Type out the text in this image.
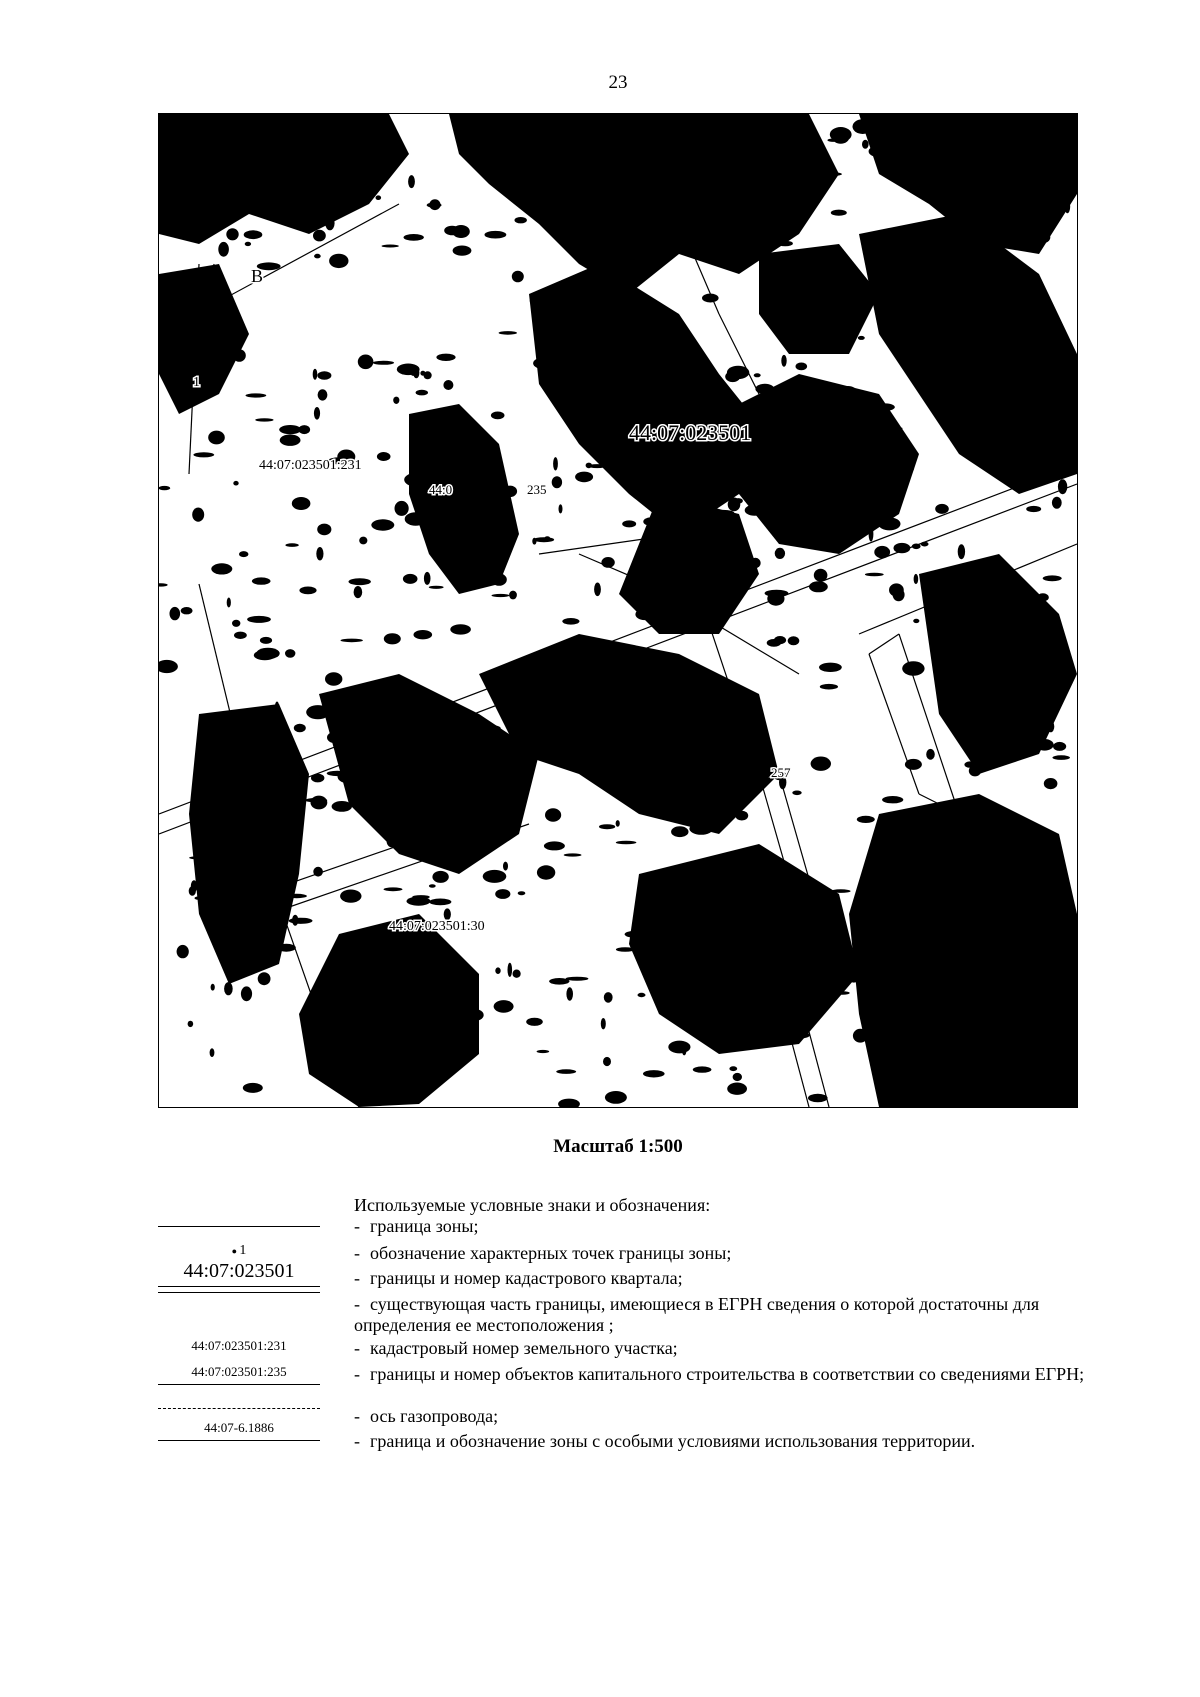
23
44:07:023501:231
44:0	235
44:07:023501
44:07:023501:30
257
B
1
Масштаб 1:500
Используемые условные знаки и обозначения:
- граница зоны;
- обозначение характерных точек границы зоны;
- границы и номер кадастрового квартала;
- существующая часть границы, имеющиеся в ЕГРН сведения о которой достаточны для определения ее местоположения ;
- кадастровый номер земельного участка;
- границы и номер объектов капитального строительства в соответствии со сведениями ЕГРН;
- ось газопровода;
- граница и обозначение зоны с особыми условиями использования территории.
● 1
44:07:023501
44:07:023501:231
44:07:023501:235
44:07-6.1886
